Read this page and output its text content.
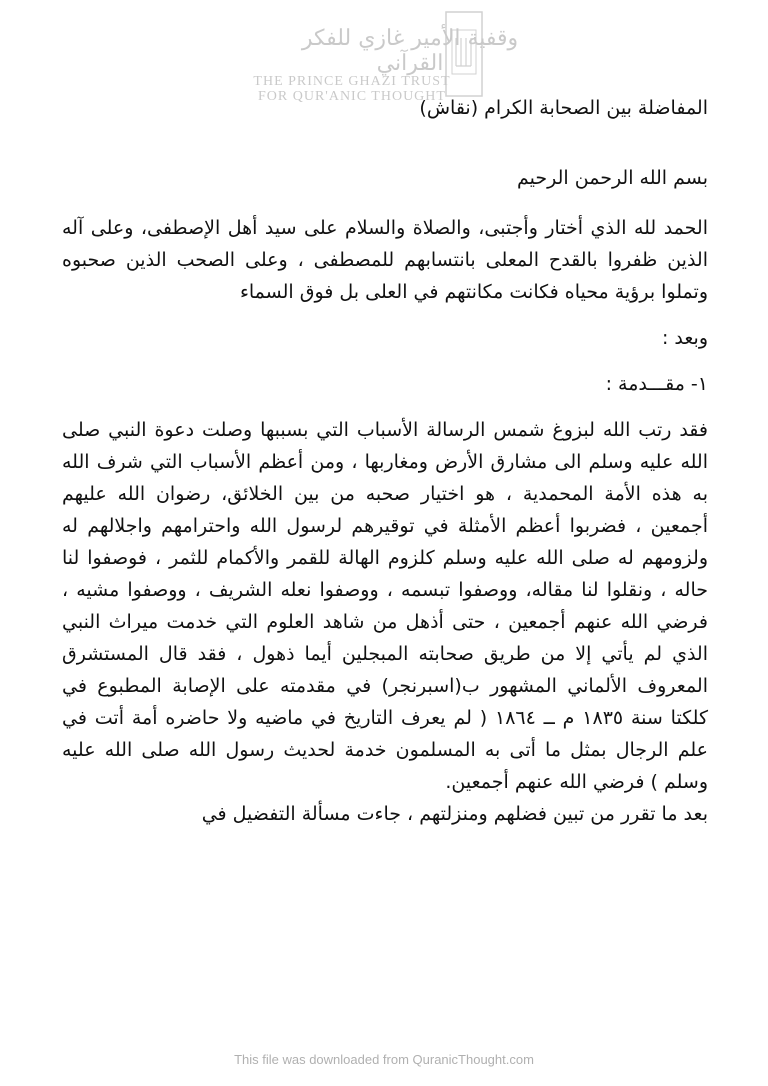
وقفية الأمير غازي للفكر القرآني
THE PRINCE GHAZI TRUST
FOR QUR'ANIC THOUGHT
المفاضلة بين الصحابة الكرام (نقاش)

بسم الله الرحمن الرحيم

الحمد لله الذي أختار وأجتبى، والصلاة والسلام على سيد أهل الإصطفى، وعلى آله الذين ظفروا بالقدح المعلى بانتسابهم للمصطفى ، وعلى الصحب الذين صحبوه وتملوا برؤية محياه فكانت مكانتهم في العلى بل فوق السماء

وبعد :

١- مقـــدمة :

فقد رتب الله لبزوغ شمس الرسالة الأسباب التي بسببها وصلت دعوة النبي صلى الله عليه وسلم الى مشارق الأرض ومغاربها ، ومن أعظم الأسباب التي شرف الله به هذه الأمة المحمدية ، هو اختيار صحبه من بين الخلائق، رضوان الله عليهم أجمعين ، فضربوا أعظم الأمثلة في توقيرهم لرسول الله واحترامهم واجلالهم له ولزومهم له صلى الله عليه وسلم كلزوم الهالة للقمر والأكمام للثمر ، فوصفوا لنا حاله ، ونقلوا لنا مقاله، ووصفوا تبسمه ، ووصفوا نعله الشريف ، ووصفوا مشيه ، فرضي الله عنهم أجمعين ، حتى أذهل من شاهد العلوم التي خدمت ميراث النبي الذي لم يأتي إلا من طريق صحابته المبجلين أيما ذهول ، فقد قال المستشرق المعروف الألماني المشهور ب(اسبرنجر) في مقدمته على الإصابة المطبوع في كلكتا سنة ١٨٣٥ م ــ ١٨٦٤ ( لم يعرف التاريخ في ماضيه ولا حاضره أمة أتت في علم الرجال بمثل ما أتى به المسلمون خدمة لحديث رسول الله صلى الله عليه وسلم ) فرضي الله عنهم أجمعين.

بعد ما تقرر من تبين فضلهم ومنزلتهم ، جاءت مسألة التفضيل في

This file was downloaded from QuranicThought.com
